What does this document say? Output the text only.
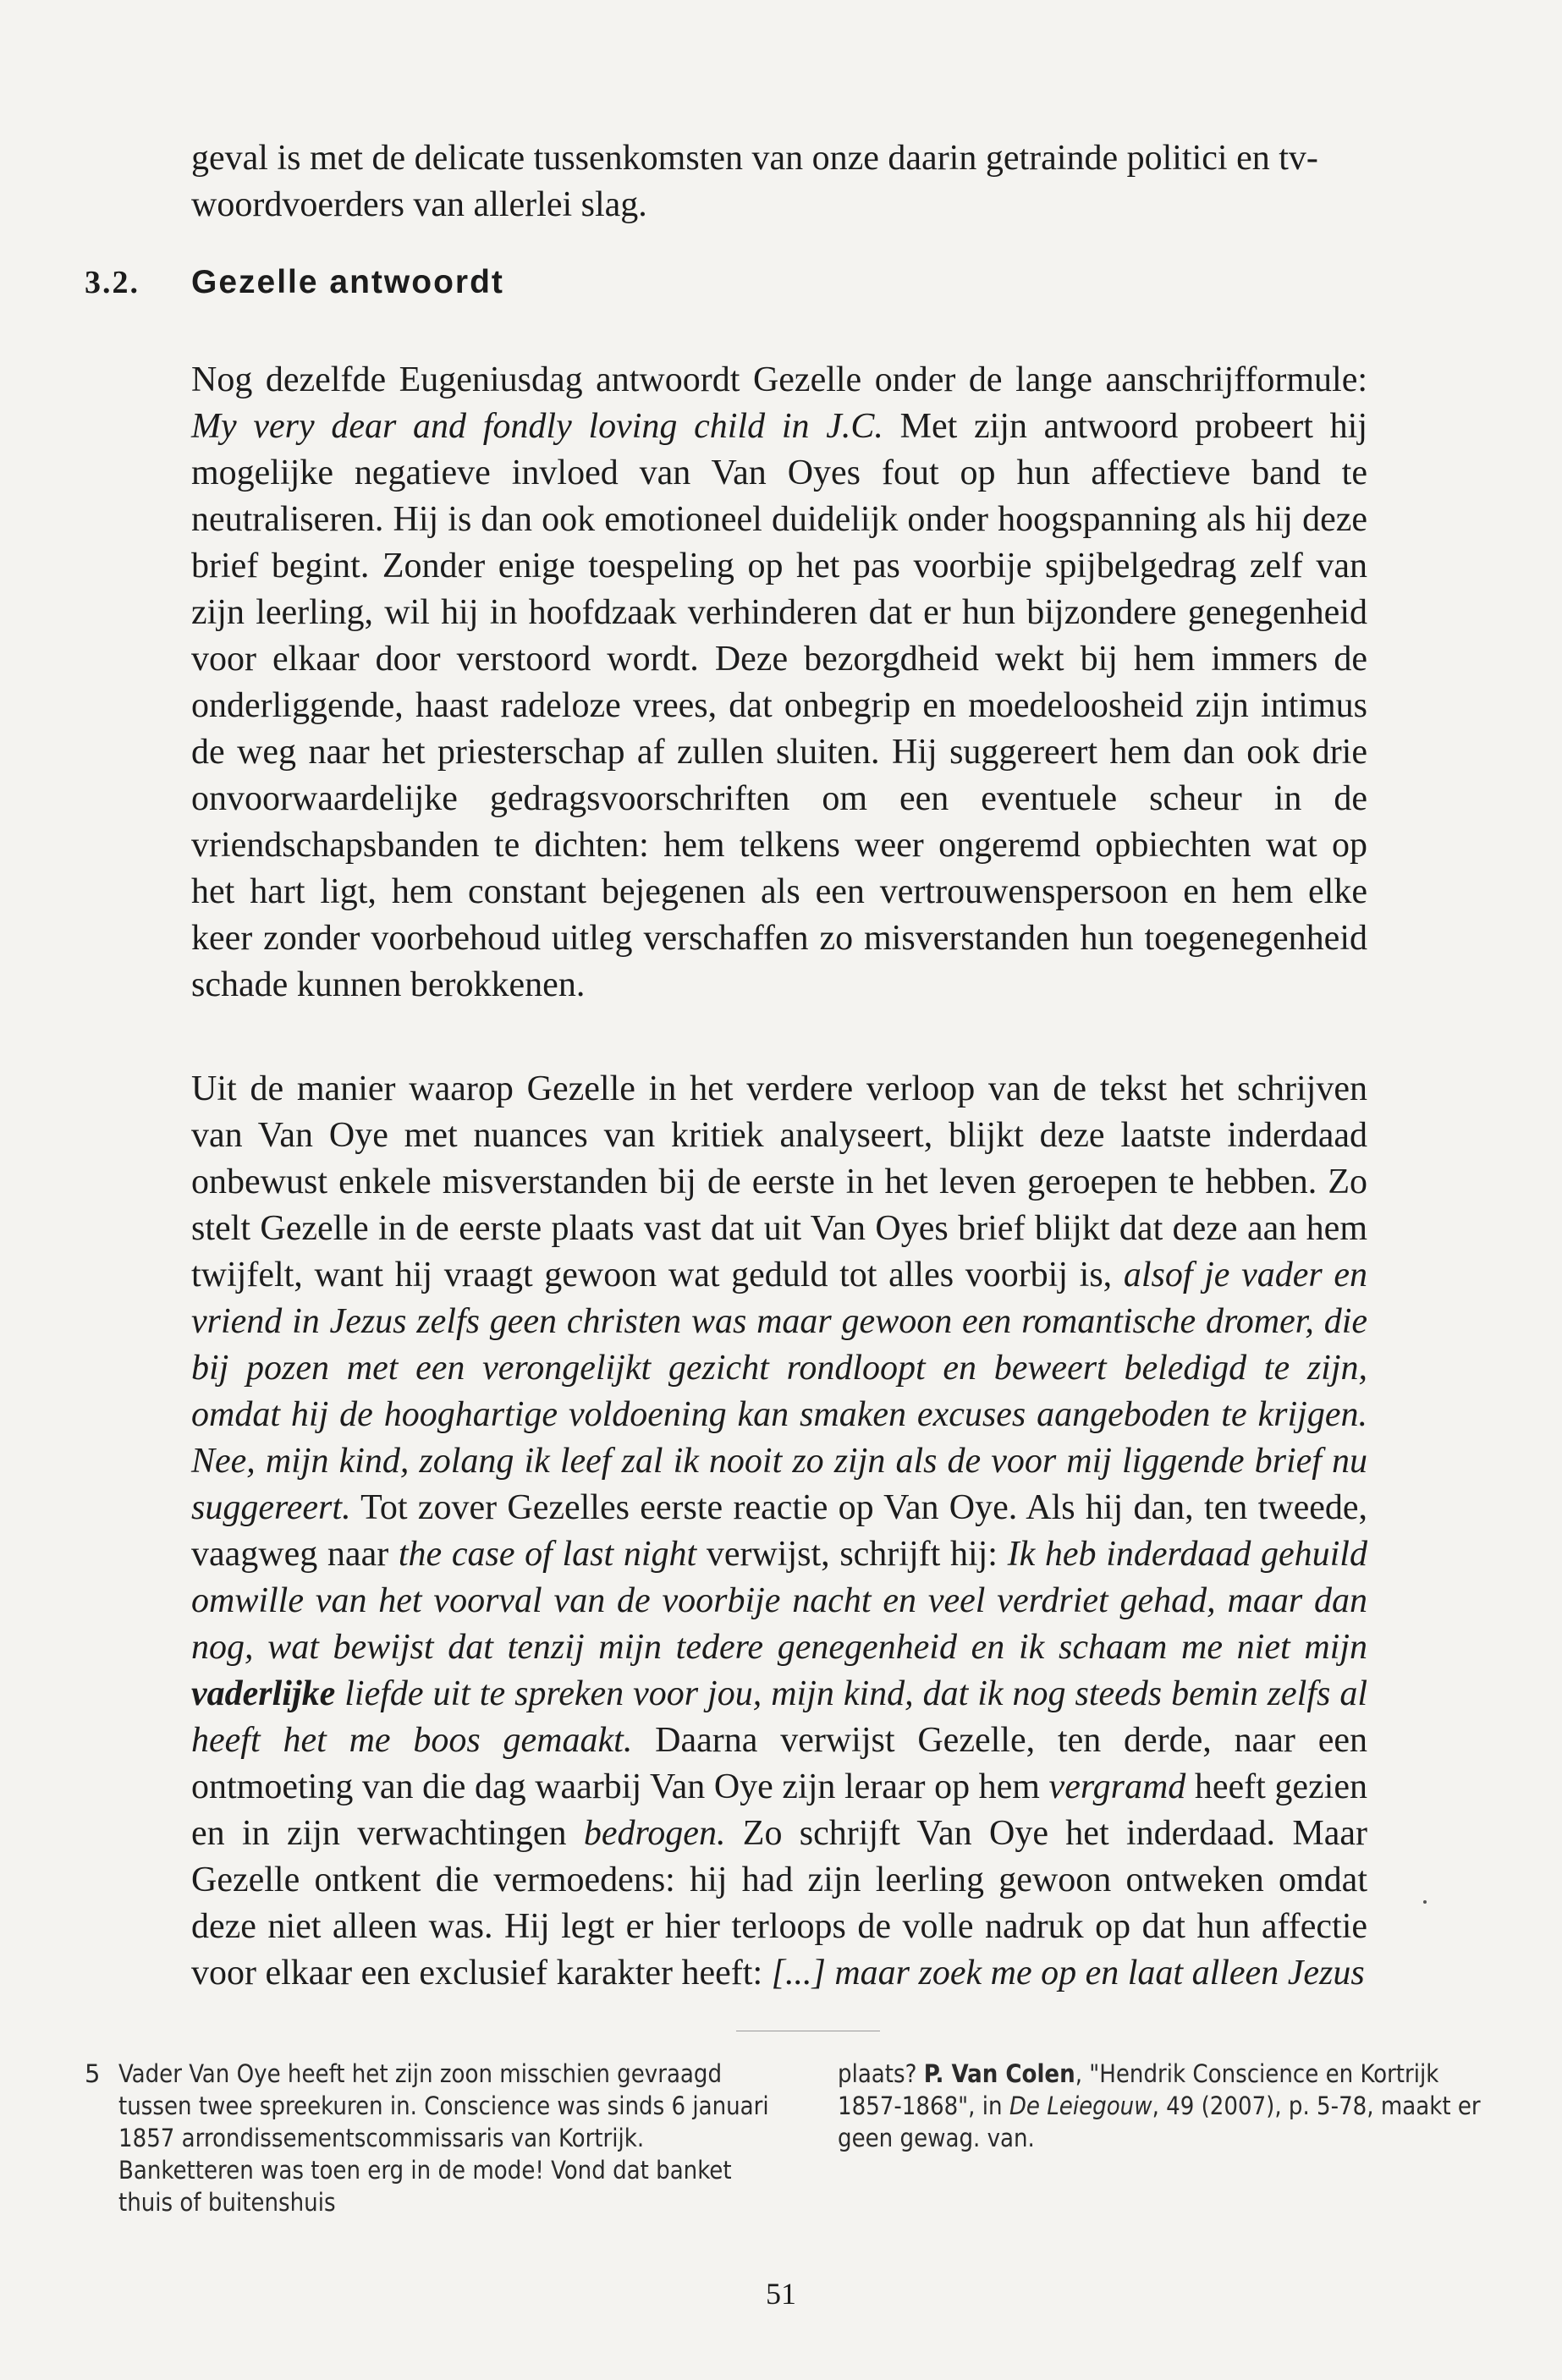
geval is met de delicate tussenkomsten van onze daarin getrainde politici en tv-woordvoerders van allerlei slag.

3.2.	Gezelle antwoordt

Nog dezelfde Eugeniusdag antwoordt Gezelle onder de lange aanschrijfformule: My very dear and fondly loving child in J.C. Met zijn antwoord probeert hij mogelijke negatieve invloed van Van Oyes fout op hun affectieve band te neutraliseren. Hij is dan ook emotioneel duidelijk onder hoogspanning als hij deze brief begint. Zonder enige toespeling op het pas voorbije spijbelgedrag zelf van zijn leerling, wil hij in hoofdzaak verhinderen dat er hun bijzondere genegenheid voor elkaar door verstoord wordt. Deze bezorgdheid wekt bij hem immers de onderliggende, haast radeloze vrees, dat onbegrip en moedeloosheid zijn intimus de weg naar het priesterschap af zullen sluiten. Hij suggereert hem dan ook drie onvoorwaardelijke gedragsvoorschriften om een eventuele scheur in de vriendschapsbanden te dichten: hem telkens weer ongeremd opbiechten wat op het hart ligt, hem constant bejegenen als een vertrouwenspersoon en hem elke keer zonder voorbehoud uitleg verschaffen zo misverstanden hun toegenegenheid schade kunnen berokkenen.

Uit de manier waarop Gezelle in het verdere verloop van de tekst het schrijven van Van Oye met nuances van kritiek analyseert, blijkt deze laatste inderdaad onbewust enkele misverstanden bij de eerste in het leven geroepen te hebben. Zo stelt Gezelle in de eerste plaats vast dat uit Van Oyes brief blijkt dat deze aan hem twijfelt, want hij vraagt gewoon wat geduld tot alles voorbij is, alsof je vader en vriend in Jezus zelfs geen christen was maar gewoon een romantische dromer, die bij pozen met een verongelijkt gezicht rondloopt en beweert beledigd te zijn, omdat hij de hooghartige voldoening kan smaken excuses aangeboden te krijgen. Nee, mijn kind, zolang ik leef zal ik nooit zo zijn als de voor mij liggende brief nu suggereert. Tot zover Gezelles eerste reactie op Van Oye. Als hij dan, ten tweede, vaagweg naar the case of last night verwijst, schrijft hij: Ik heb inderdaad gehuild omwille van het voorval van de voorbije nacht en veel verdriet gehad, maar dan nog, wat bewijst dat tenzij mijn tedere genegenheid en ik schaam me niet mijn vaderlijke liefde uit te spreken voor jou, mijn kind, dat ik nog steeds bemin zelfs al heeft het me boos gemaakt. Daarna verwijst Gezelle, ten derde, naar een ontmoeting van die dag waarbij Van Oye zijn leraar op hem vergramd heeft gezien en in zijn verwachtingen bedrogen. Zo schrijft Van Oye het inderdaad. Maar Gezelle ontkent die vermoedens: hij had zijn leerling gewoon ontweken omdat deze niet alleen was. Hij legt er hier terloops de volle nadruk op dat hun affectie voor elkaar een exclusief karakter heeft: [...] maar zoek me op en laat alleen Jezus

5 Vader Van Oye heeft het zijn zoon misschien gevraagd tussen twee spreekuren in. Conscience was sinds 6 januari 1857 arrondissementscommissaris van Kortrijk. Banketteren was toen erg in de mode! Vond dat banket thuis of buitenshuis

plaats? P. Van Colen, "Hendrik Conscience en Kortrijk 1857-1868", in De Leiegouw, 49 (2007), p. 5-78, maakt er geen gewag. van.

51
